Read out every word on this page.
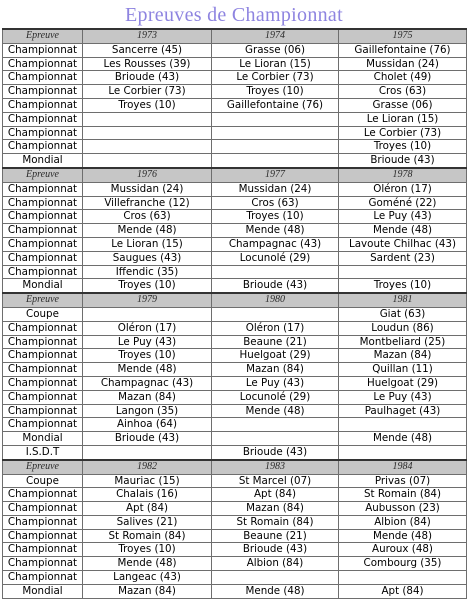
Epreuves de Championnat
Epreuve	1973	1974	1975
Championnat	Sancerre (45)	Grasse (06)	Gaillefontaine (76)
Championnat	Les Rousses (39)	Le Lioran (15)	Mussidan (24)
Championnat	Brioude (43)	Le Corbier (73)	Cholet (49)
Championnat	Le Corbier (73)	Troyes (10)	Cros (63)
Championnat	Troyes (10)	Gaillefontaine (76)	Grasse (06)
Championnat			Le Lioran (15)
Championnat			Le Corbier (73)
Championnat			Troyes (10)
Mondial			Brioude (43)
Epreuve	1976	1977	1978
Championnat	Mussidan (24)	Mussidan (24)	Oléron (17)
Championnat	Villefranche (12)	Cros (63)	Goméné (22)
Championnat	Cros (63)	Troyes (10)	Le Puy (43)
Championnat	Mende (48)	Mende (48)	Mende (48)
Championnat	Le Lioran (15)	Champagnac (43)	Lavoute Chilhac (43)
Championnat	Saugues (43)	Locunolé (29)	Sardent (23)
Championnat	Iffendic (35)		
Mondial	Troyes (10)	Brioude (43)	Troyes (10)
Epreuve	1979	1980	1981
Coupe			Giat (63)
Championnat	Oléron (17)	Oléron (17)	Loudun (86)
Championnat	Le Puy (43)	Beaune (21)	Montbeliard (25)
Championnat	Troyes (10)	Huelgoat (29)	Mazan (84)
Championnat	Mende (48)	Mazan (84)	Quillan (11)
Championnat	Champagnac (43)	Le Puy (43)	Huelgoat (29)
Championnat	Mazan (84)	Locunolé (29)	Le Puy (43)
Championnat	Langon (35)	Mende (48)	Paulhaget (43)
Championnat	Ainhoa (64)		
Mondial	Brioude (43)		Mende (48)
I.S.D.T		Brioude (43)	
Epreuve	1982	1983	1984
Coupe	Mauriac (15)	St Marcel (07)	Privas (07)
Championnat	Chalais (16)	Apt (84)	St Romain (84)
Championnat	Apt (84)	Mazan (84)	Aubusson (23)
Championnat	Salives (21)	St Romain (84)	Albion (84)
Championnat	St Romain (84)	Beaune (21)	Mende (48)
Championnat	Troyes (10)	Brioude (43)	Auroux (48)
Championnat	Mende (48)	Albion (84)	Combourg (35)
Championnat	Langeac (43)		
Mondial	Mazan (84)	Mende (48)	Apt (84)
